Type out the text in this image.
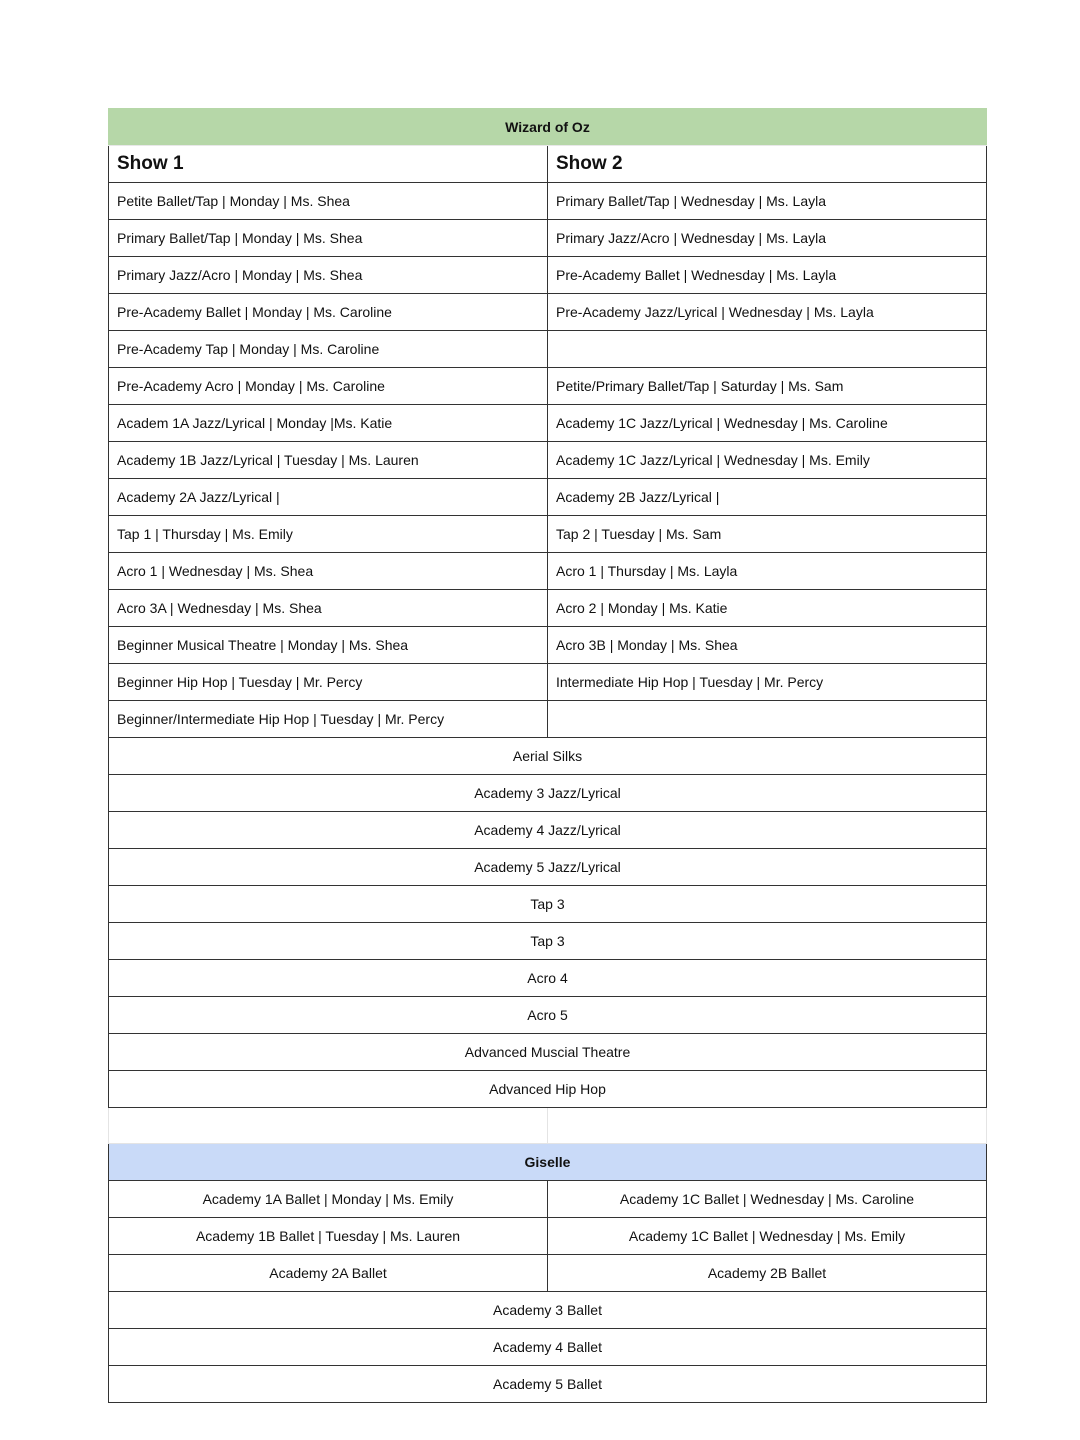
Wizard of Oz	
Show 1	Show 2
Petite Ballet/Tap | Monday | Ms. Shea	Primary Ballet/Tap | Wednesday | Ms. Layla
Primary Ballet/Tap | Monday | Ms. Shea	Primary Jazz/Acro | Wednesday | Ms. Layla
Primary Jazz/Acro | Monday | Ms. Shea	Pre-Academy Ballet | Wednesday | Ms. Layla
Pre-Academy Ballet | Monday | Ms. Caroline	Pre-Academy Jazz/Lyrical | Wednesday | Ms. Layla
Pre-Academy Tap | Monday | Ms. Caroline	
Pre-Academy Acro | Monday | Ms. Caroline	Petite/Primary Ballet/Tap | Saturday | Ms. Sam
Academ 1A Jazz/Lyrical | Monday |Ms. Katie	Academy 1C Jazz/Lyrical | Wednesday | Ms. Caroline
Academy 1B Jazz/Lyrical | Tuesday | Ms. Lauren	Academy 1C Jazz/Lyrical | Wednesday | Ms. Emily
Academy 2A Jazz/Lyrical |	Academy 2B Jazz/Lyrical |
Tap 1 | Thursday | Ms. Emily	Tap 2 | Tuesday | Ms. Sam
Acro 1 | Wednesday | Ms. Shea	Acro 1 | Thursday | Ms. Layla
Acro 3A | Wednesday | Ms. Shea	Acro 2 | Monday | Ms. Katie
Beginner Musical Theatre | Monday | Ms. Shea	Acro 3B | Monday | Ms. Shea
Beginner Hip Hop | Tuesday | Mr. Percy	Intermediate Hip Hop | Tuesday | Mr. Percy
Beginner/Intermediate Hip Hop | Tuesday | Mr. Percy	
Aerial Silks	
Academy 3 Jazz/Lyrical	
Academy 4 Jazz/Lyrical	
Academy 5 Jazz/Lyrical	
Tap 3	
Tap 3	
Acro 4	
Acro 5	
Advanced Muscial Theatre	
Advanced Hip Hop	

Giselle	
Academy 1A Ballet | Monday | Ms. Emily	Academy 1C Ballet | Wednesday | Ms. Caroline
Academy 1B Ballet | Tuesday | Ms. Lauren	Academy 1C Ballet | Wednesday | Ms. Emily
Academy 2A Ballet	Academy 2B Ballet
Academy 3 Ballet	
Academy 4 Ballet	
Academy 5 Ballet	
